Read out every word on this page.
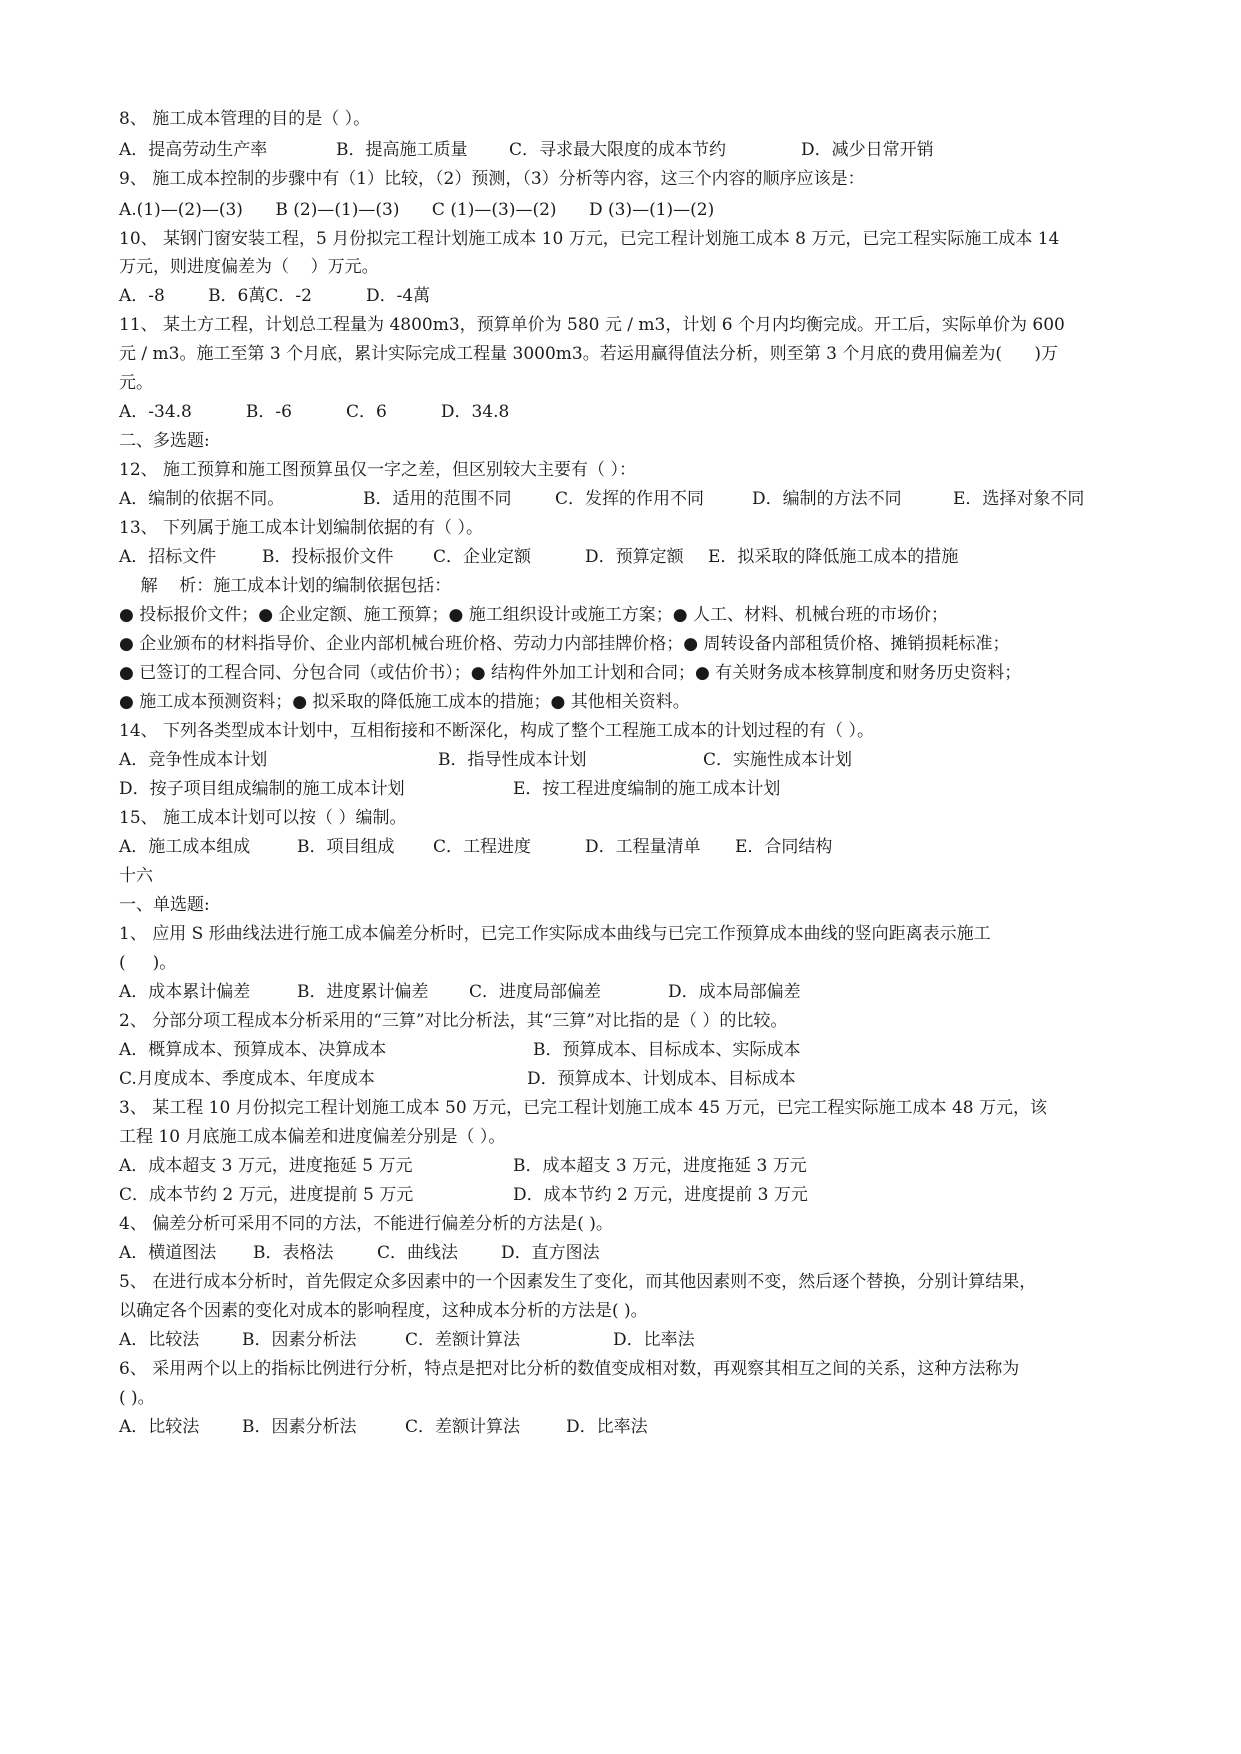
8、 施工成本管理的目的是（ ）。
A．提高劳动生产率	B．提高施工质量 C．寻求最大限度的成本节约	D．减少日常开销
9、 施工成本控制的步骤中有（1）比较，（2）预测，（3）分析等内容，这三个内容的顺序应该是：
A.(1)—(2)—(3)      B (2)—(1)—(3)      C (1)—(3)—(2)      D (3)—(1)—(2)
10、 某钢门窗安装工程，5 月份拟完工程计划施工成本 10 万元，已完工程计划施工成本 8 万元，已完工程实际施工成本 14
万元，则进度偏差为（    ）万元。
A．-8        B．6萬C．-2          D．-4萬
11、 某土方工程，计划总工程量为 4800m3，预算单价为 580 元 / m3，计划 6 个月内均衡完成。开工后，实际单价为 600
元 / m3。施工至第 3 个月底，累计实际完成工程量 3000m3。若运用赢得值法分析，则至第 3 个月底的费用偏差为(      )万
元。
A．-34.8          B．-6          C．6          D．34.8
二、多选题:
12、 施工预算和施工图预算虽仅一字之差，但区别较大主要有（ ）：
A．编制的依据不同。	B．适用的范围不同	C．发挥的作用不同	D．编制的方法不同	E．选择对象不同
13、 下列属于施工成本计划编制依据的有（ ）。
A．招标文件	B．投标报价文件 C．企业定额	D．预算定额 E．拟采取的降低施工成本的措施
解    析：施工成本计划的编制依据包括：
● 投标报价文件；● 企业定额、施工预算；● 施工组织设计或施工方案；● 人工、材料、机械台班的市场价；
● 企业颁布的材料指导价、企业内部机械台班价格、劳动力内部挂牌价格；● 周转设备内部租赁价格、摊销损耗标准；
● 已签订的工程合同、分包合同（或估价书）；● 结构件外加工计划和合同；● 有关财务成本核算制度和财务历史资料；
● 施工成本预测资料；● 拟采取的降低施工成本的措施；● 其他相关资料。
14、 下列各类型成本计划中，互相衔接和不断深化，构成了整个工程施工成本的计划过程的有（ ）。
A．竞争性成本计划	B．指导性成本计划	C．实施性成本计划
D．按子项目组成编制的施工成本计划	E．按工程进度编制的施工成本计划
15、 施工成本计划可以按（ ）编制。
A．施工成本组成	B．项目组成 C．工程进度	D．工程量清单 E．合同结构
十六
一、单选题:
1、 应用 S 形曲线法进行施工成本偏差分析时，已完工作实际成本曲线与已完工作预算成本曲线的竖向距离表示施工
(     )。
A．成本累计偏差	B．进度累计偏差 C．进度局部偏差	D．成本局部偏差
2、 分部分项工程成本分析采用的“三算”对比分析法，其“三算”对比指的是（ ）的比较。
A．概算成本、预算成本、决算成本	B．预算成本、目标成本、实际成本
C.月度成本、季度成本、年度成本	D．预算成本、计划成本、目标成本
3、 某工程 10 月份拟完工程计划施工成本 50 万元，已完工程计划施工成本 45 万元，已完工程实际施工成本 48 万元，该
工程 10 月底施工成本偏差和进度偏差分别是（ ）。
A．成本超支 3 万元，进度拖延 5 万元	B．成本超支 3 万元，进度拖延 3 万元
C．成本节约 2 万元，进度提前 5 万元	D．成本节约 2 万元，进度提前 3 万元
4、 偏差分析可采用不同的方法，不能进行偏差分析的方法是( )。
A．横道图法 B．表格法	C．曲线法	D．直方图法
5、 在进行成本分析时，首先假定众多因素中的一个因素发生了变化，而其他因素则不变，然后逐个替换，分别计算结果，
以确定各个因素的变化对成本的影响程度，这种成本分析的方法是( )。
A．比较法	B．因素分析法	C．差额计算法	D．比率法
6、 采用两个以上的指标比例进行分析，特点是把对比分析的数值变成相对数，再观察其相互之间的关系，这种方法称为
( )。
A．比较法	B．因素分析法	C．差额计算法	D．比率法
